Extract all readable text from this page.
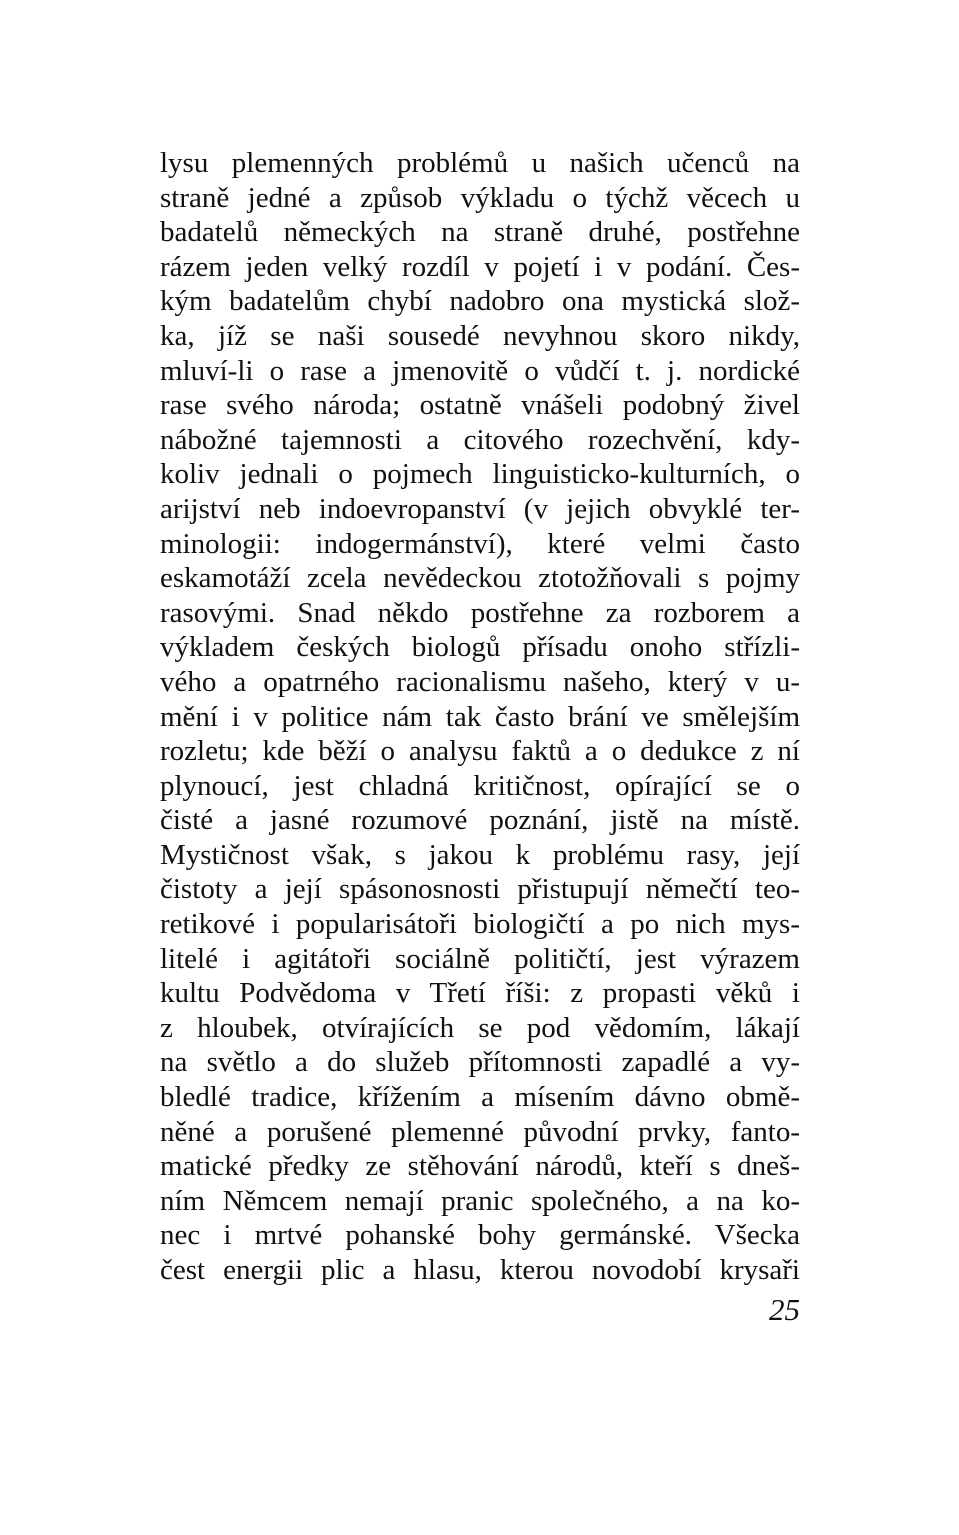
lysu plemenných problémů u našich učenců na
straně jedné a způsob výkladu o týchž věcech u
badatelů německých na straně druhé, postřehne
rázem jeden velký rozdíl v pojetí i v podání. Čes-
kým badatelům chybí nadobro ona mystická slož-
ka, jíž se naši sousedé nevyhnou skoro nikdy,
mluví-li o rase a jmenovitě o vůdčí t. j. nordické
rase svého národa; ostatně vnášeli podobný živel
nábožné tajemnosti a citového rozechvění, kdy-
koliv jednali o pojmech linguisticko-kulturních, o
arijství neb indoevropanství (v jejich obvyklé ter-
minologii: indogermánství), které velmi často
eskamotáží zcela nevědeckou ztotožňovali s pojmy
rasovými. Snad někdo postřehne za rozborem a
výkladem českých biologů přísadu onoho střízli-
vého a opatrného racionalismu našeho, který v u-
mění i v politice nám tak často brání ve smělejším
rozletu; kde běží o analysu faktů a o dedukce z ní
plynoucí, jest chladná kritičnost, opírající se o
čisté a jasné rozumové poznání, jistě na místě.
Mystičnost však, s jakou k problému rasy, její
čistoty a její spásonosnosti přistupují němečtí teo-
retikové i popularisátoři biologičtí a po nich mys-
litelé i agitátoři sociálně političtí, jest výrazem
kultu Podvědoma v Třetí říši: z propasti věků i
z hloubek, otvírajících se pod vědomím, lákají
na světlo a do služeb přítomnosti zapadlé a vy-
bledlé tradice, křížením a mísením dávno obmě-
něné a porušené plemenné původní prvky, fanto-
matické předky ze stěhování národů, kteří s dneš-
ním Němcem nemají pranic společného, a na ko-
nec i mrtvé pohanské bohy germánské. Všecka
čest energii plic a hlasu, kterou novodobí krysaři
25
